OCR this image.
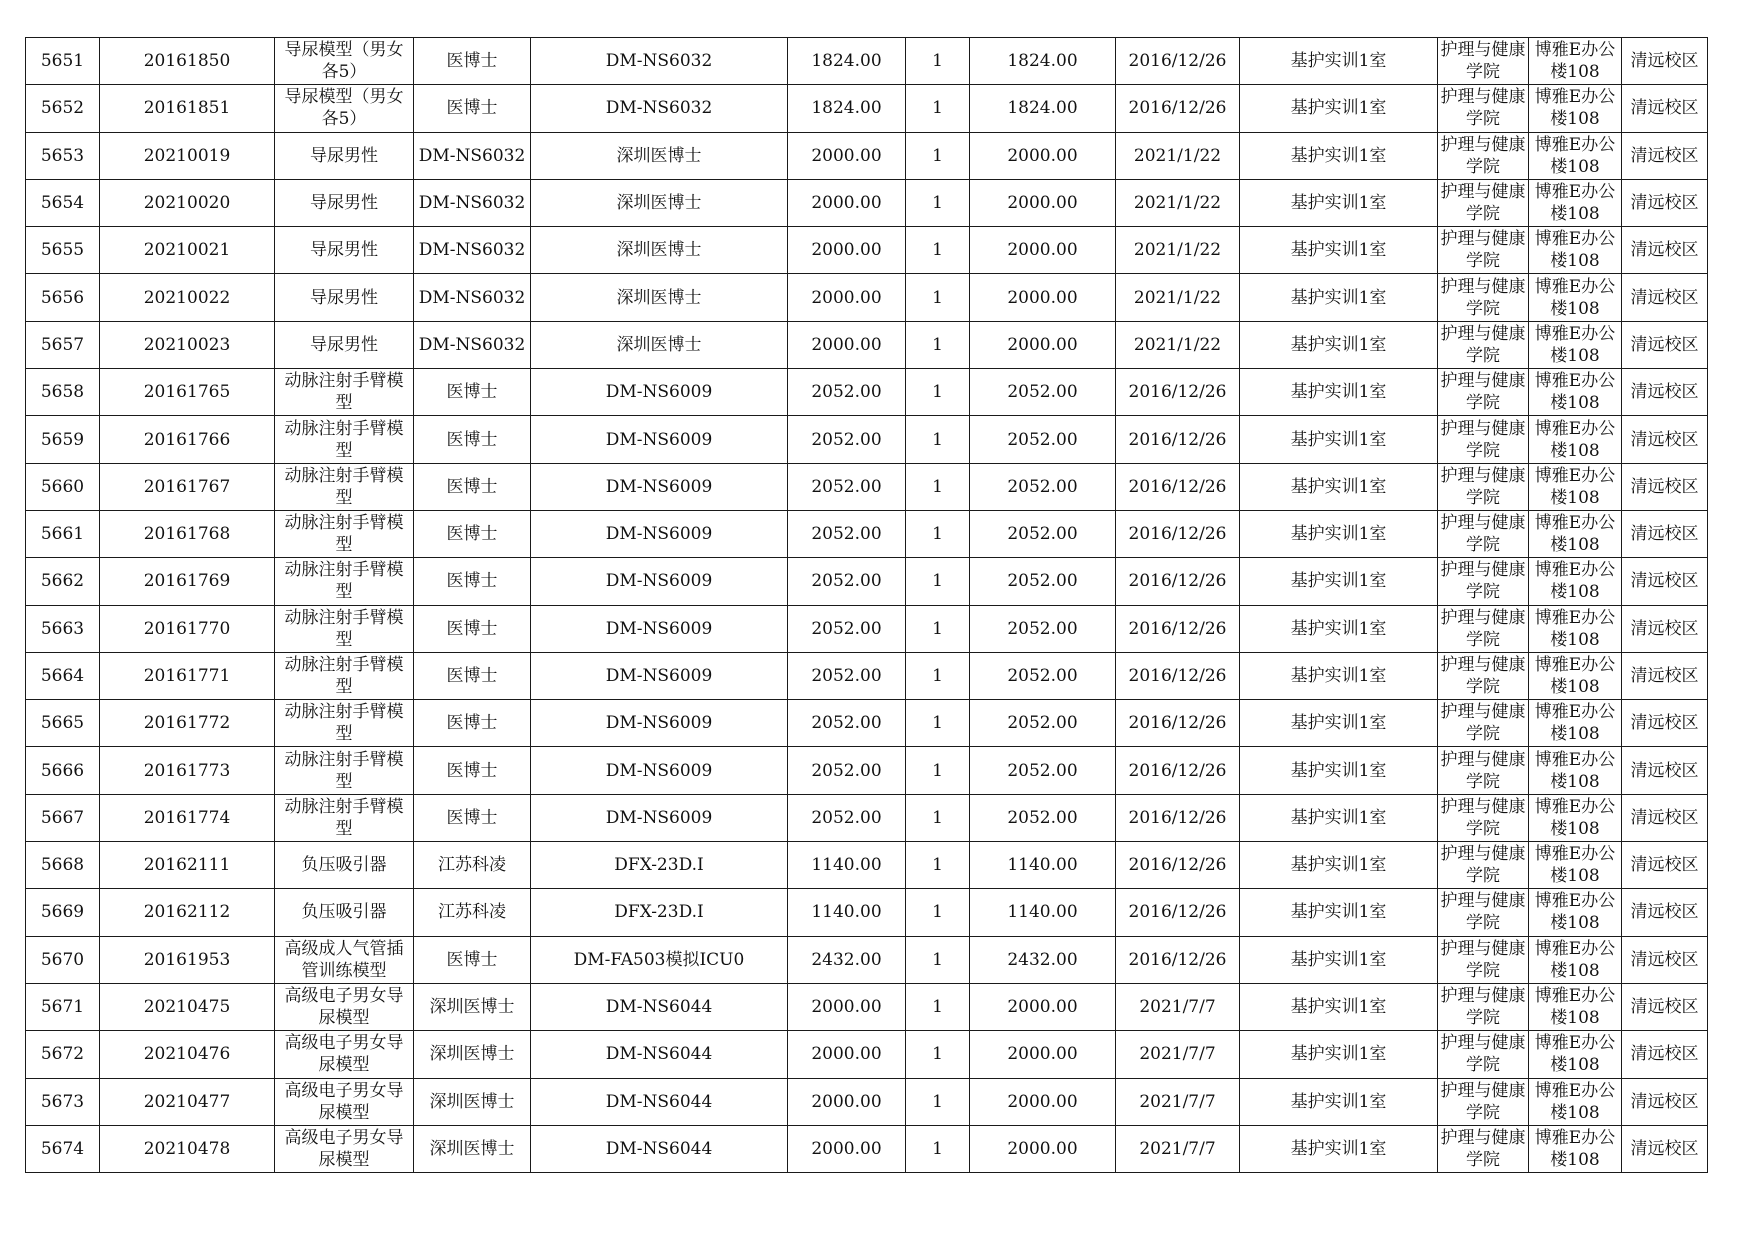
5651	20161850	导尿模型（男女各5）	医博士	DM-NS6032	1824.00	1	1824.00	2016/12/26	基护实训1室	护理与健康学院	博雅E办公楼108	清远校区
5652	20161851	导尿模型（男女各5）	医博士	DM-NS6032	1824.00	1	1824.00	2016/12/26	基护实训1室	护理与健康学院	博雅E办公楼108	清远校区
5653	20210019	导尿男性	DM-NS6032	深圳医博士	2000.00	1	2000.00	2021/1/22	基护实训1室	护理与健康学院	博雅E办公楼108	清远校区
5654	20210020	导尿男性	DM-NS6032	深圳医博士	2000.00	1	2000.00	2021/1/22	基护实训1室	护理与健康学院	博雅E办公楼108	清远校区
5655	20210021	导尿男性	DM-NS6032	深圳医博士	2000.00	1	2000.00	2021/1/22	基护实训1室	护理与健康学院	博雅E办公楼108	清远校区
5656	20210022	导尿男性	DM-NS6032	深圳医博士	2000.00	1	2000.00	2021/1/22	基护实训1室	护理与健康学院	博雅E办公楼108	清远校区
5657	20210023	导尿男性	DM-NS6032	深圳医博士	2000.00	1	2000.00	2021/1/22	基护实训1室	护理与健康学院	博雅E办公楼108	清远校区
5658	20161765	动脉注射手臂模型	医博士	DM-NS6009	2052.00	1	2052.00	2016/12/26	基护实训1室	护理与健康学院	博雅E办公楼108	清远校区
5659	20161766	动脉注射手臂模型	医博士	DM-NS6009	2052.00	1	2052.00	2016/12/26	基护实训1室	护理与健康学院	博雅E办公楼108	清远校区
5660	20161767	动脉注射手臂模型	医博士	DM-NS6009	2052.00	1	2052.00	2016/12/26	基护实训1室	护理与健康学院	博雅E办公楼108	清远校区
5661	20161768	动脉注射手臂模型	医博士	DM-NS6009	2052.00	1	2052.00	2016/12/26	基护实训1室	护理与健康学院	博雅E办公楼108	清远校区
5662	20161769	动脉注射手臂模型	医博士	DM-NS6009	2052.00	1	2052.00	2016/12/26	基护实训1室	护理与健康学院	博雅E办公楼108	清远校区
5663	20161770	动脉注射手臂模型	医博士	DM-NS6009	2052.00	1	2052.00	2016/12/26	基护实训1室	护理与健康学院	博雅E办公楼108	清远校区
5664	20161771	动脉注射手臂模型	医博士	DM-NS6009	2052.00	1	2052.00	2016/12/26	基护实训1室	护理与健康学院	博雅E办公楼108	清远校区
5665	20161772	动脉注射手臂模型	医博士	DM-NS6009	2052.00	1	2052.00	2016/12/26	基护实训1室	护理与健康学院	博雅E办公楼108	清远校区
5666	20161773	动脉注射手臂模型	医博士	DM-NS6009	2052.00	1	2052.00	2016/12/26	基护实训1室	护理与健康学院	博雅E办公楼108	清远校区
5667	20161774	动脉注射手臂模型	医博士	DM-NS6009	2052.00	1	2052.00	2016/12/26	基护实训1室	护理与健康学院	博雅E办公楼108	清远校区
5668	20162111	负压吸引器	江苏科凌	DFX-23D.Ⅰ	1140.00	1	1140.00	2016/12/26	基护实训1室	护理与健康学院	博雅E办公楼108	清远校区
5669	20162112	负压吸引器	江苏科凌	DFX-23D.Ⅰ	1140.00	1	1140.00	2016/12/26	基护实训1室	护理与健康学院	博雅E办公楼108	清远校区
5670	20161953	高级成人气管插管训练模型	医博士	DM-FA503模拟ICU0	2432.00	1	2432.00	2016/12/26	基护实训1室	护理与健康学院	博雅E办公楼108	清远校区
5671	20210475	高级电子男女导尿模型	深圳医博士	DM-NS6044	2000.00	1	2000.00	2021/7/7	基护实训1室	护理与健康学院	博雅E办公楼108	清远校区
5672	20210476	高级电子男女导尿模型	深圳医博士	DM-NS6044	2000.00	1	2000.00	2021/7/7	基护实训1室	护理与健康学院	博雅E办公楼108	清远校区
5673	20210477	高级电子男女导尿模型	深圳医博士	DM-NS6044	2000.00	1	2000.00	2021/7/7	基护实训1室	护理与健康学院	博雅E办公楼108	清远校区
5674	20210478	高级电子男女导尿模型	深圳医博士	DM-NS6044	2000.00	1	2000.00	2021/7/7	基护实训1室	护理与健康学院	博雅E办公楼108	清远校区
